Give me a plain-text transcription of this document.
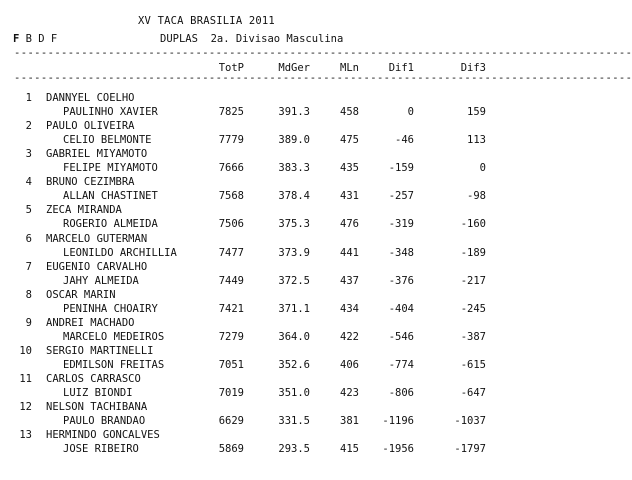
XV TACA BRASILIA 2011
F B D F	DUPLAS  2a. Divisao Masculina
--------------------------------------------------------------------------------------------
TotP	MdGer	MLn	Dif1	Dif3
--------------------------------------------------------------------------------------------
1 DANNYEL COELHO
PAULINHO XAVIER	7825	391.3	458	0	159
2 PAULO OLIVEIRA
CELIO BELMONTE	7779	389.0	475	-46	113
3 GABRIEL MIYAMOTO
FELIPE MIYAMOTO	7666	383.3	435	-159	0
4 BRUNO CEZIMBRA
ALLAN CHASTINET	7568	378.4	431	-257	-98
5 ZECA MIRANDA
ROGERIO ALMEIDA	7506	375.3	476	-319	-160
6 MARCELO GUTERMAN
LEONILDO ARCHILLIA	7477	373.9	441	-348	-189
7 EUGENIO CARVALHO
JAHY ALMEIDA	7449	372.5	437	-376	-217
8 OSCAR MARIN
PENINHA CHOAIRY	7421	371.1	434	-404	-245
9 ANDREI MACHADO
MARCELO MEDEIROS	7279	364.0	422	-546	-387
10 SERGIO MARTINELLI
EDMILSON FREITAS	7051	352.6	406	-774	-615
11 CARLOS CARRASCO
LUIZ BIONDI	7019	351.0	423	-806	-647
12 NELSON TACHIBANA
PAULO BRANDAO	6629	331.5	381 -1196	-1037
13 HERMINDO GONCALVES
JOSE RIBEIRO	5869	293.5	415 -1956	-1797
